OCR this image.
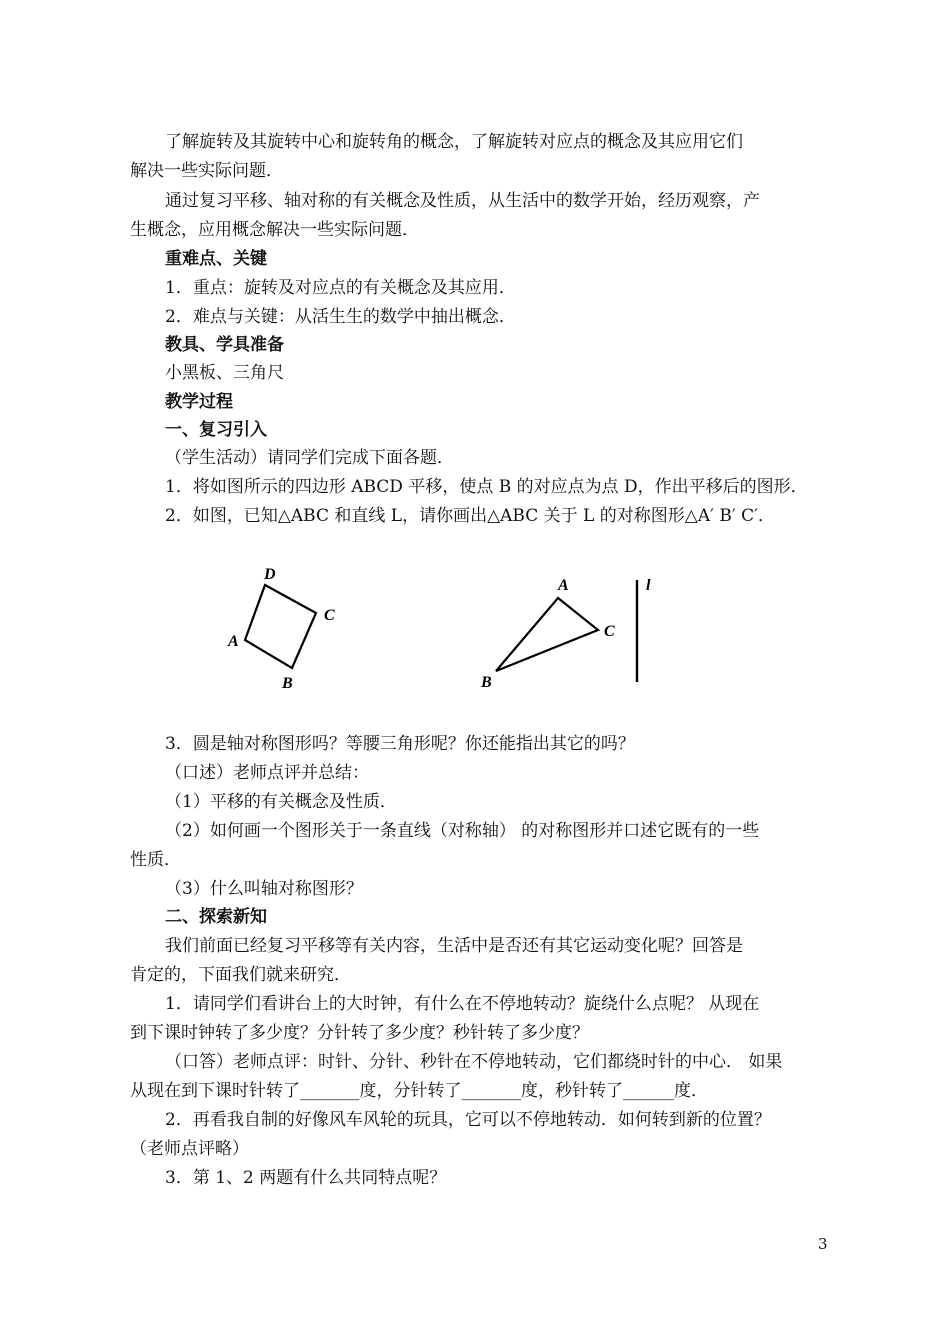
了解旋转及其旋转中心和旋转角的概念，了解旋转对应点的概念及其应用它们
解决一些实际问题．
通过复习平移、轴对称的有关概念及性质，从生活中的数学开始，经历观察，产
生概念，应用概念解决一些实际问题．
重难点、关键
1．重点：旋转及对应点的有关概念及其应用．
2．难点与关键：从活生生的数学中抽出概念．
教具、学具准备
小黑板、三角尺
教学过程
一、复习引入
（学生活动）请同学们完成下面各题．
1．将如图所示的四边形 ABCD 平移，使点 B 的对应点为点 D，作出平移后的图形．
2．如图，已知△ABC 和直线 L，请你画出△ABC 关于 L 的对称图形△A′ B′ C′．
D
C
A
B
A
C
B
l
3．圆是轴对称图形吗？等腰三角形呢？你还能指出其它的吗？
（口述）老师点评并总结：
（1）平移的有关概念及性质．
（2）如何画一个图形关于一条直线（对称轴） 的对称图形并口述它既有的一些
性质．
（3）什么叫轴对称图形？
二、探索新知
我们前面已经复习平移等有关内容，生活中是否还有其它运动变化呢？回答是
肯定的，下面我们就来研究．
1．请同学们看讲台上的大时钟，有什么在不停地转动？旋绕什么点呢？ 从现在
到下课时钟转了多少度？分针转了多少度？秒针转了多少度？
（口答）老师点评：时针、分针、秒针在不停地转动，它们都绕时针的中心． 如果
从现在到下课时针转了_______度，分针转了_______度，秒针转了______度．
2．再看我自制的好像风车风轮的玩具，它可以不停地转动．如何转到新的位置？
（老师点评略）
3．第 1、2 两题有什么共同特点呢？
3
